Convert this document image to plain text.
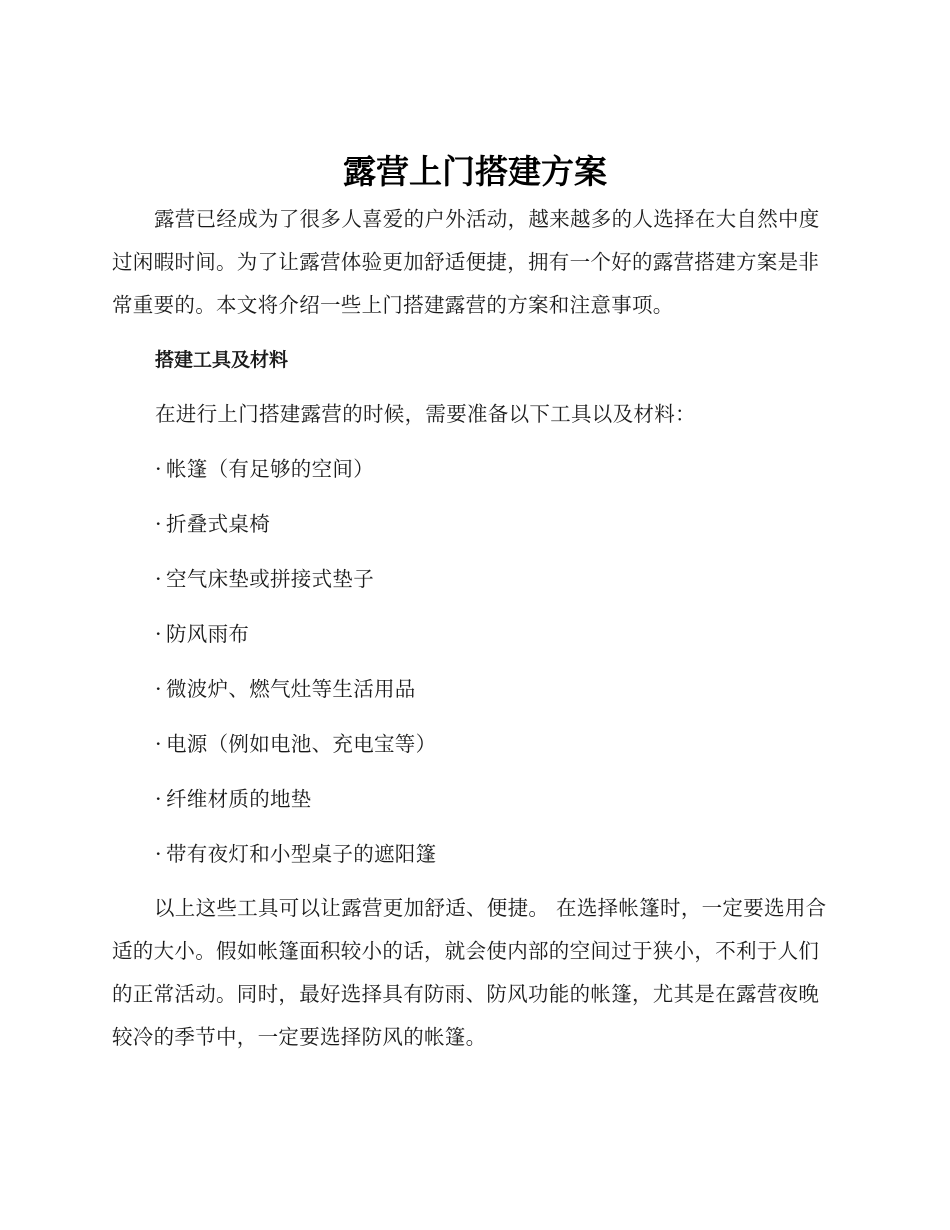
露营上门搭建方案

露营已经成为了很多人喜爱的户外活动，越来越多的人选择在大自然中度过闲暇时间。为了让露营体验更加舒适便捷，拥有一个好的露营搭建方案是非常重要的。本文将介绍一些上门搭建露营的方案和注意事项。

搭建工具及材料

在进行上门搭建露营的时候，需要准备以下工具以及材料：

· 帐篷（有足够的空间）
· 折叠式桌椅
· 空气床垫或拼接式垫子
· 防风雨布
· 微波炉、燃气灶等生活用品
· 电源（例如电池、充电宝等）
· 纤维材质的地垫
· 带有夜灯和小型桌子的遮阳篷

以上这些工具可以让露营更加舒适、便捷。 在选择帐篷时，一定要选用合适的大小。假如帐篷面积较小的话，就会使内部的空间过于狭小，不利于人们的正常活动。同时，最好选择具有防雨、防风功能的帐篷，尤其是在露营夜晚较冷的季节中，一定要选择防风的帐篷。
